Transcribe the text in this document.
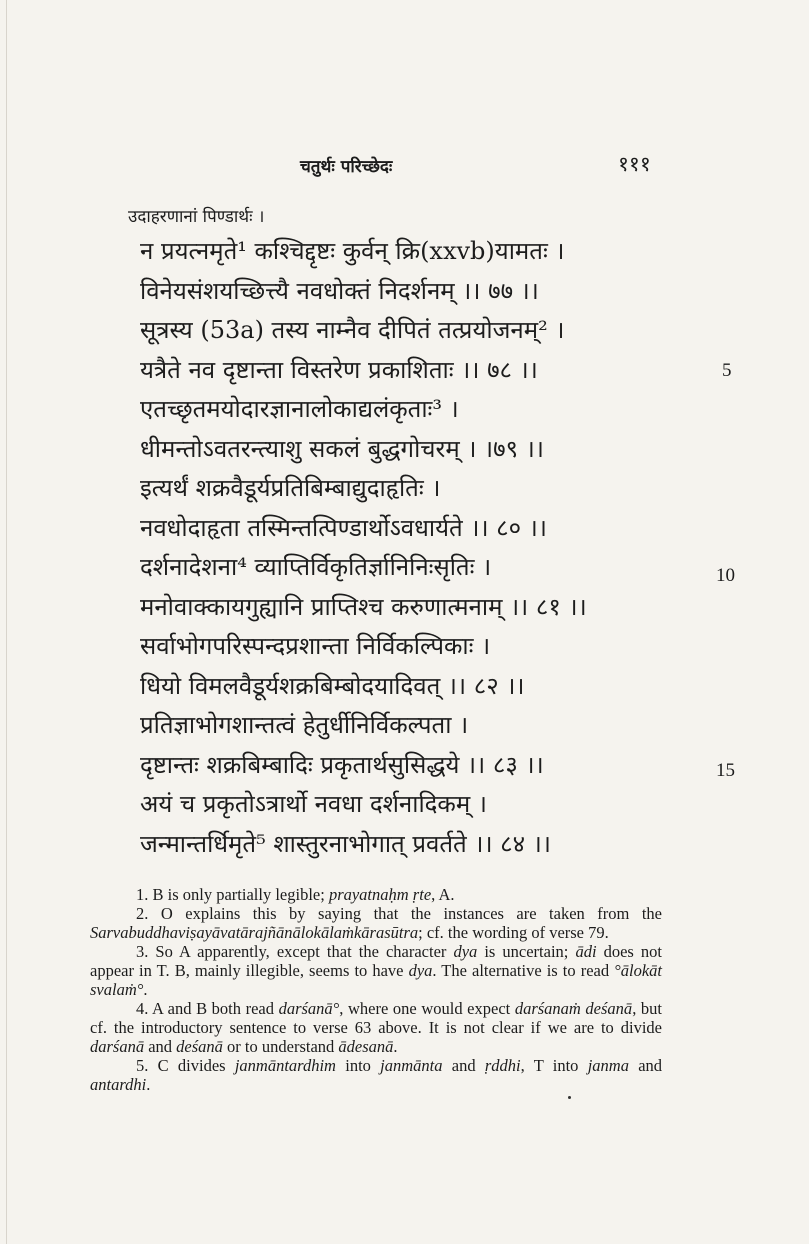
चतुर्थः परिच्छेदः	१११
उदाहरणानां पिण्डार्थः ।
न प्रयत्नमृते¹ कश्चिद्दृष्टः कुर्वन् क्रि(xxvb)यामतः ।
विनेयसंशयच्छित्त्यै नवधोक्तं निदर्शनम् ।। ७७ ।।
सूत्रस्य (53a) तस्य नाम्नैव दीपितं तत्प्रयोजनम्² ।
यत्रैते नव दृष्टान्ता विस्तरेण प्रकाशिताः ।। ७८ ।।
एतच्छृतमयोदारज्ञानालोकाद्यलंकृताः³ ।
धीमन्तोऽवतरन्त्याशु सकलं बुद्धगोचरम् । ।७९ ।।
इत्यर्थं शक्रवैडूर्यप्रतिबिम्बाद्युदाहृतिः ।
नवधोदाहृता तस्मिन्तत्पिण्डार्थोऽवधार्यते ।। ८० ।।
दर्शनादेशना⁴ व्याप्तिर्विकृतिर्ज्ञानिनिःसृतिः ।
मनोवाक्कायगुह्यानि प्राप्तिश्च करुणात्मनाम् ।। ८१ ।।
सर्वाभोगपरिस्पन्दप्रशान्ता निर्विकल्पिकाः ।
धियो विमलवैडूर्यशक्रबिम्बोदयादिवत् ।। ८२ ।।
प्रतिज्ञाभोगशान्तत्वं हेतुर्धीनिर्विकल्पता ।
दृष्टान्तः शक्रबिम्बादिः प्रकृतार्थसुसिद्धये ।। ८३ ।।
अयं च प्रकृतोऽत्रार्थो नवधा दर्शनादिकम् ।
जन्मान्तर्धिमृते⁵ शास्तुरनाभोगात् प्रवर्तते ।। ८४ ।।
5
10
15

1. B is only partially legible; prayatnaḥm ṛte, A.

2. O explains this by saying that the instances are taken from the Sarvabuddhaviṣayāvatārajñānālokālaṁkārasūtra; cf. the wording of verse 79.

3. So A apparently, except that the character dya is uncertain; ādi does not appear in T. B, mainly illegible, seems to have dya. The alternative is to read °ālokāt svalaṁ°.

4. A and B both read darśanā°, where one would expect darśanaṁ deśanā, but cf. the introductory sentence to verse 63 above. It is not clear if we are to divide darśanā and deśanā or to understand ādesanā.

5. C divides janmāntardhim into janmānta and ṛddhi, T into janma and antardhi.
